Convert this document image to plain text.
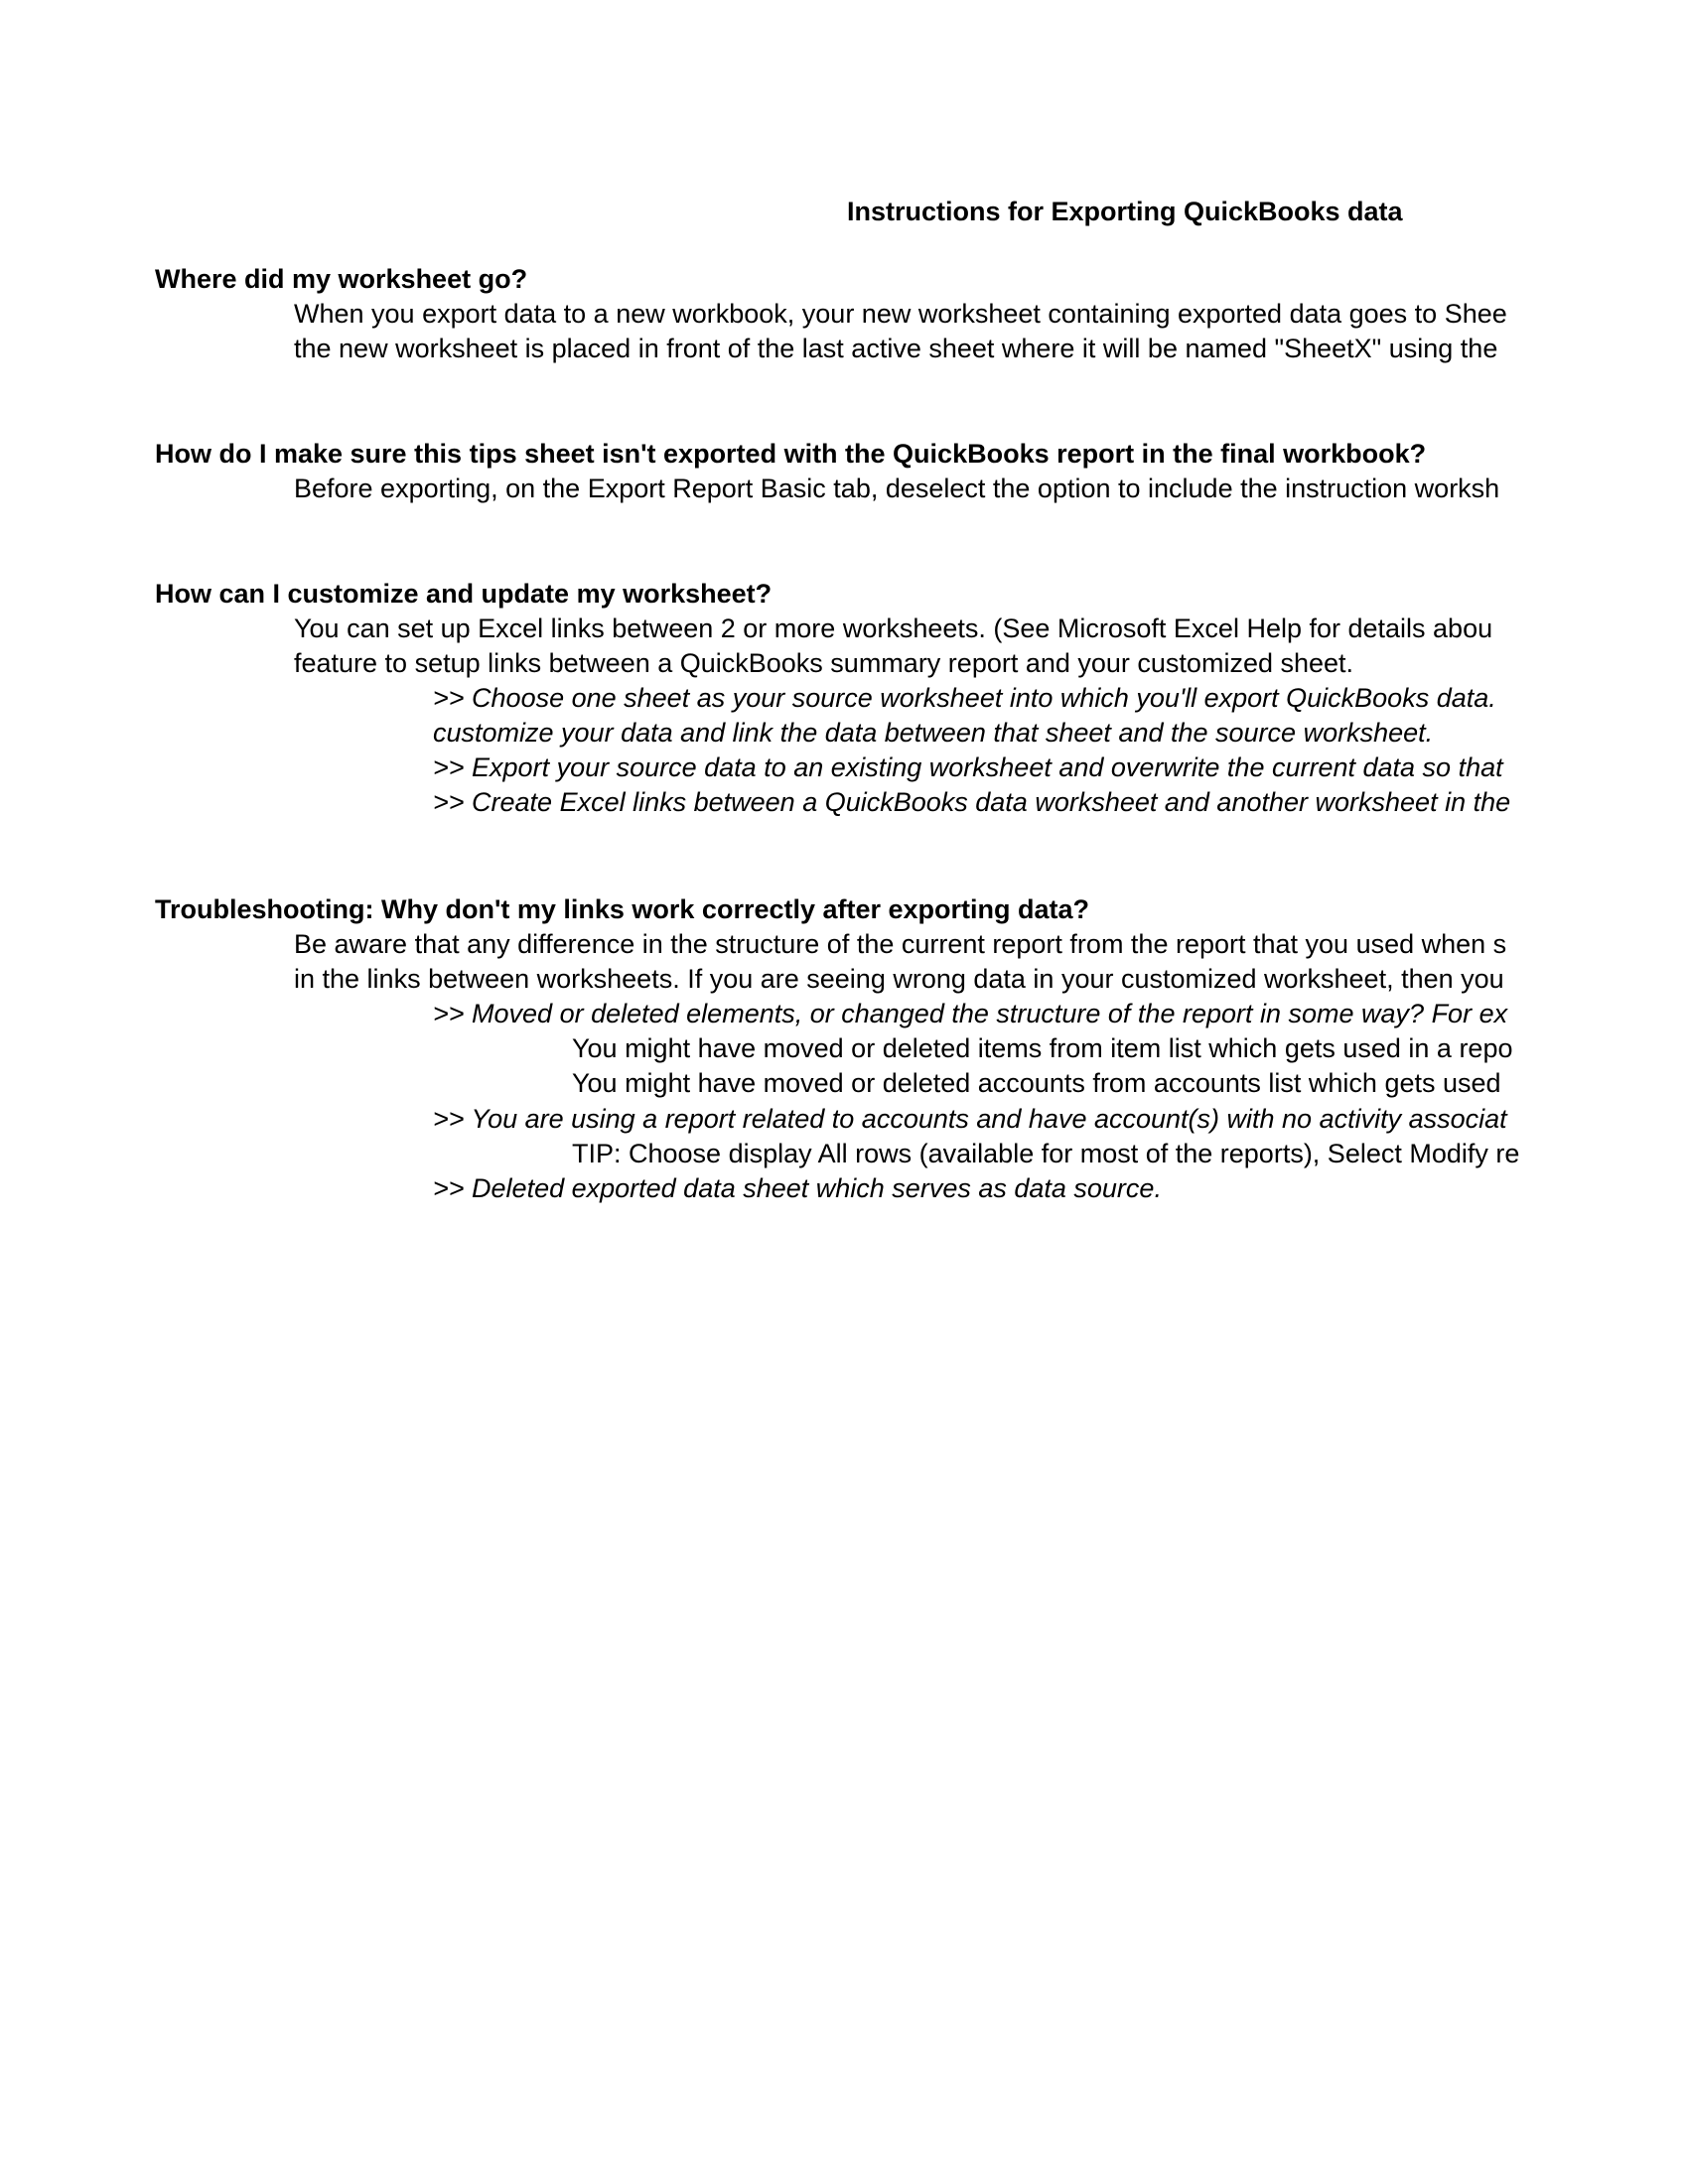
Instructions for Exporting QuickBooks data
Where did my worksheet go?
When you export data to a new workbook, your new worksheet containing exported data goes to Shee
the new worksheet is placed in front of the last active sheet where it will be named "SheetX" using the
How do I make sure this tips sheet isn't exported with the QuickBooks report in the final workbook?
Before exporting, on the Export Report Basic tab, deselect the option to include the instruction worksh
How can I customize and update my worksheet?
You can set up Excel links between 2 or more worksheets. (See Microsoft Excel Help for details abou
feature to setup links between a QuickBooks summary report and your customized sheet.
>> Choose one sheet as your source worksheet into which you'll export QuickBooks data.
customize your data and link the data between that sheet and the source worksheet.
>> Export your source data to an existing worksheet and overwrite the current data so that
>> Create Excel links between a QuickBooks data worksheet and another worksheet in the
Troubleshooting: Why don't my links work correctly after exporting data?
Be aware that any difference in the structure of the current report from the report that you used when s
in the links between worksheets. If you are seeing wrong data in your customized worksheet, then you
>> Moved or deleted elements, or changed the structure of the report in some way? For ex
You might have moved or deleted items from item list which gets used in a repo
You might have moved or deleted accounts from accounts list which gets used
>> You are using a report related to accounts and have account(s) with no activity associat
TIP: Choose display All rows (available for most of the reports), Select Modify re
>> Deleted exported data sheet which serves as data source.
